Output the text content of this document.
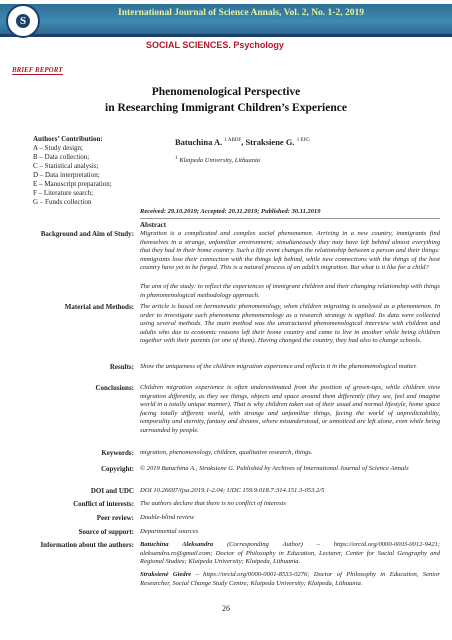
S
International Journal of Science Annals, Vol. 2, No. 1-2, 2019
SOCIAL SCIENCES. Psychology
BRIEF REPORT
Phenomenological Perspective
in Researching Immigrant Children’s Experience
Authors’ Contribution:
A – Study design;
B – Data collection;
C – Statistical analysis;
D – Data interpretation;
E – Manuscript preparation;
F – Literature search;
G – Funds collection
Batuchina A. $^{1 ABDF}$, Straksiene G. $^{1 EFG}$
$^1$ Klaipeda University, Lithuania
Received: 29.10.2019; Accepted: 20.11.2019; Published: 30.11.2019
Abstract
Background and Aim of Study: Migration is a complicated and complex social phenomenon. Arriving in a new country, immigrants find themselves in a strange, unfamiliar environment; simultaneously they may have left behind almost everything that they had in their home country. Such a life event changes the relationship between a person and their things: immigrants lose their connection with the things left behind, while new connections with the things of the host country have yet to be forged. This is a natural process of an adult’s migration. But what is it like for a child?
The aim of the study: to reflect the experiences of immigrant children and their changing relationship with things in phenomenological methodology approach.
Material and Methods: The article is based on hermeneutic phenomenology, when children migrating is analysed as a phenomenon. In order to investigate such phenomena phenomenology as a research strategy is applied. Its data were collected using several methods. The main method was the unstructured phenomenological interview with children and adults who due to economic reasons left their home country and came to live in another while being children together with their parents (or one of them). Having changed the country, they had also to change schools.
Results: Show the uniqueness of the children migration experience and reflects it in the phenomenological matter.
Conclusions: Children migration experience is often underestimated from the position of grown-ups, while children view migration differently, as they see things, objects and space around them differently (they see, feel and imagine world in a totally unique manner). That is why children taken out of their usual and normal lifestyle, home space facing totally different world, with strange and unfamiliar things, facing the world of unpredictability, temporality and eternity, fantasy and dreams, where misunderstood, or unnoticed are left alone, even while being surrounded by people.
Keywords: migration, phenomenology, children, qualitative research, things.
Copyright: © 2019 Batuchina A., Straksiene G. Published by Archives of International Journal of Science Annals
DOI and UDC DOI 10.26697/ijsa.2019.1-2.04; UDC 159.9.018.7:314.151.3-053.2/5
Conflict of interests: The authors declare that there is no conflict of interests
Peer review: Double-blind review
Source of support: Departmental sources
Information about the authors: Batuchina Aleksandra (Corresponding Author) – https://orcid.org/0000-0003-0012-9421; aleksandra.ro@gmail.com; Doctor of Philosophy in Education, Lecturer, Center for Social Geography and Regional Studies; Klaipeda University; Klaipeda, Lithuania.
Straksienė Giedre – https://orcid.org/0000-0001-8533-0276; Doctor of Philosophy in Education, Senior Researcher, Social Change Study Centre; Klaipeda University; Klaipeda, Lithuania.
26
